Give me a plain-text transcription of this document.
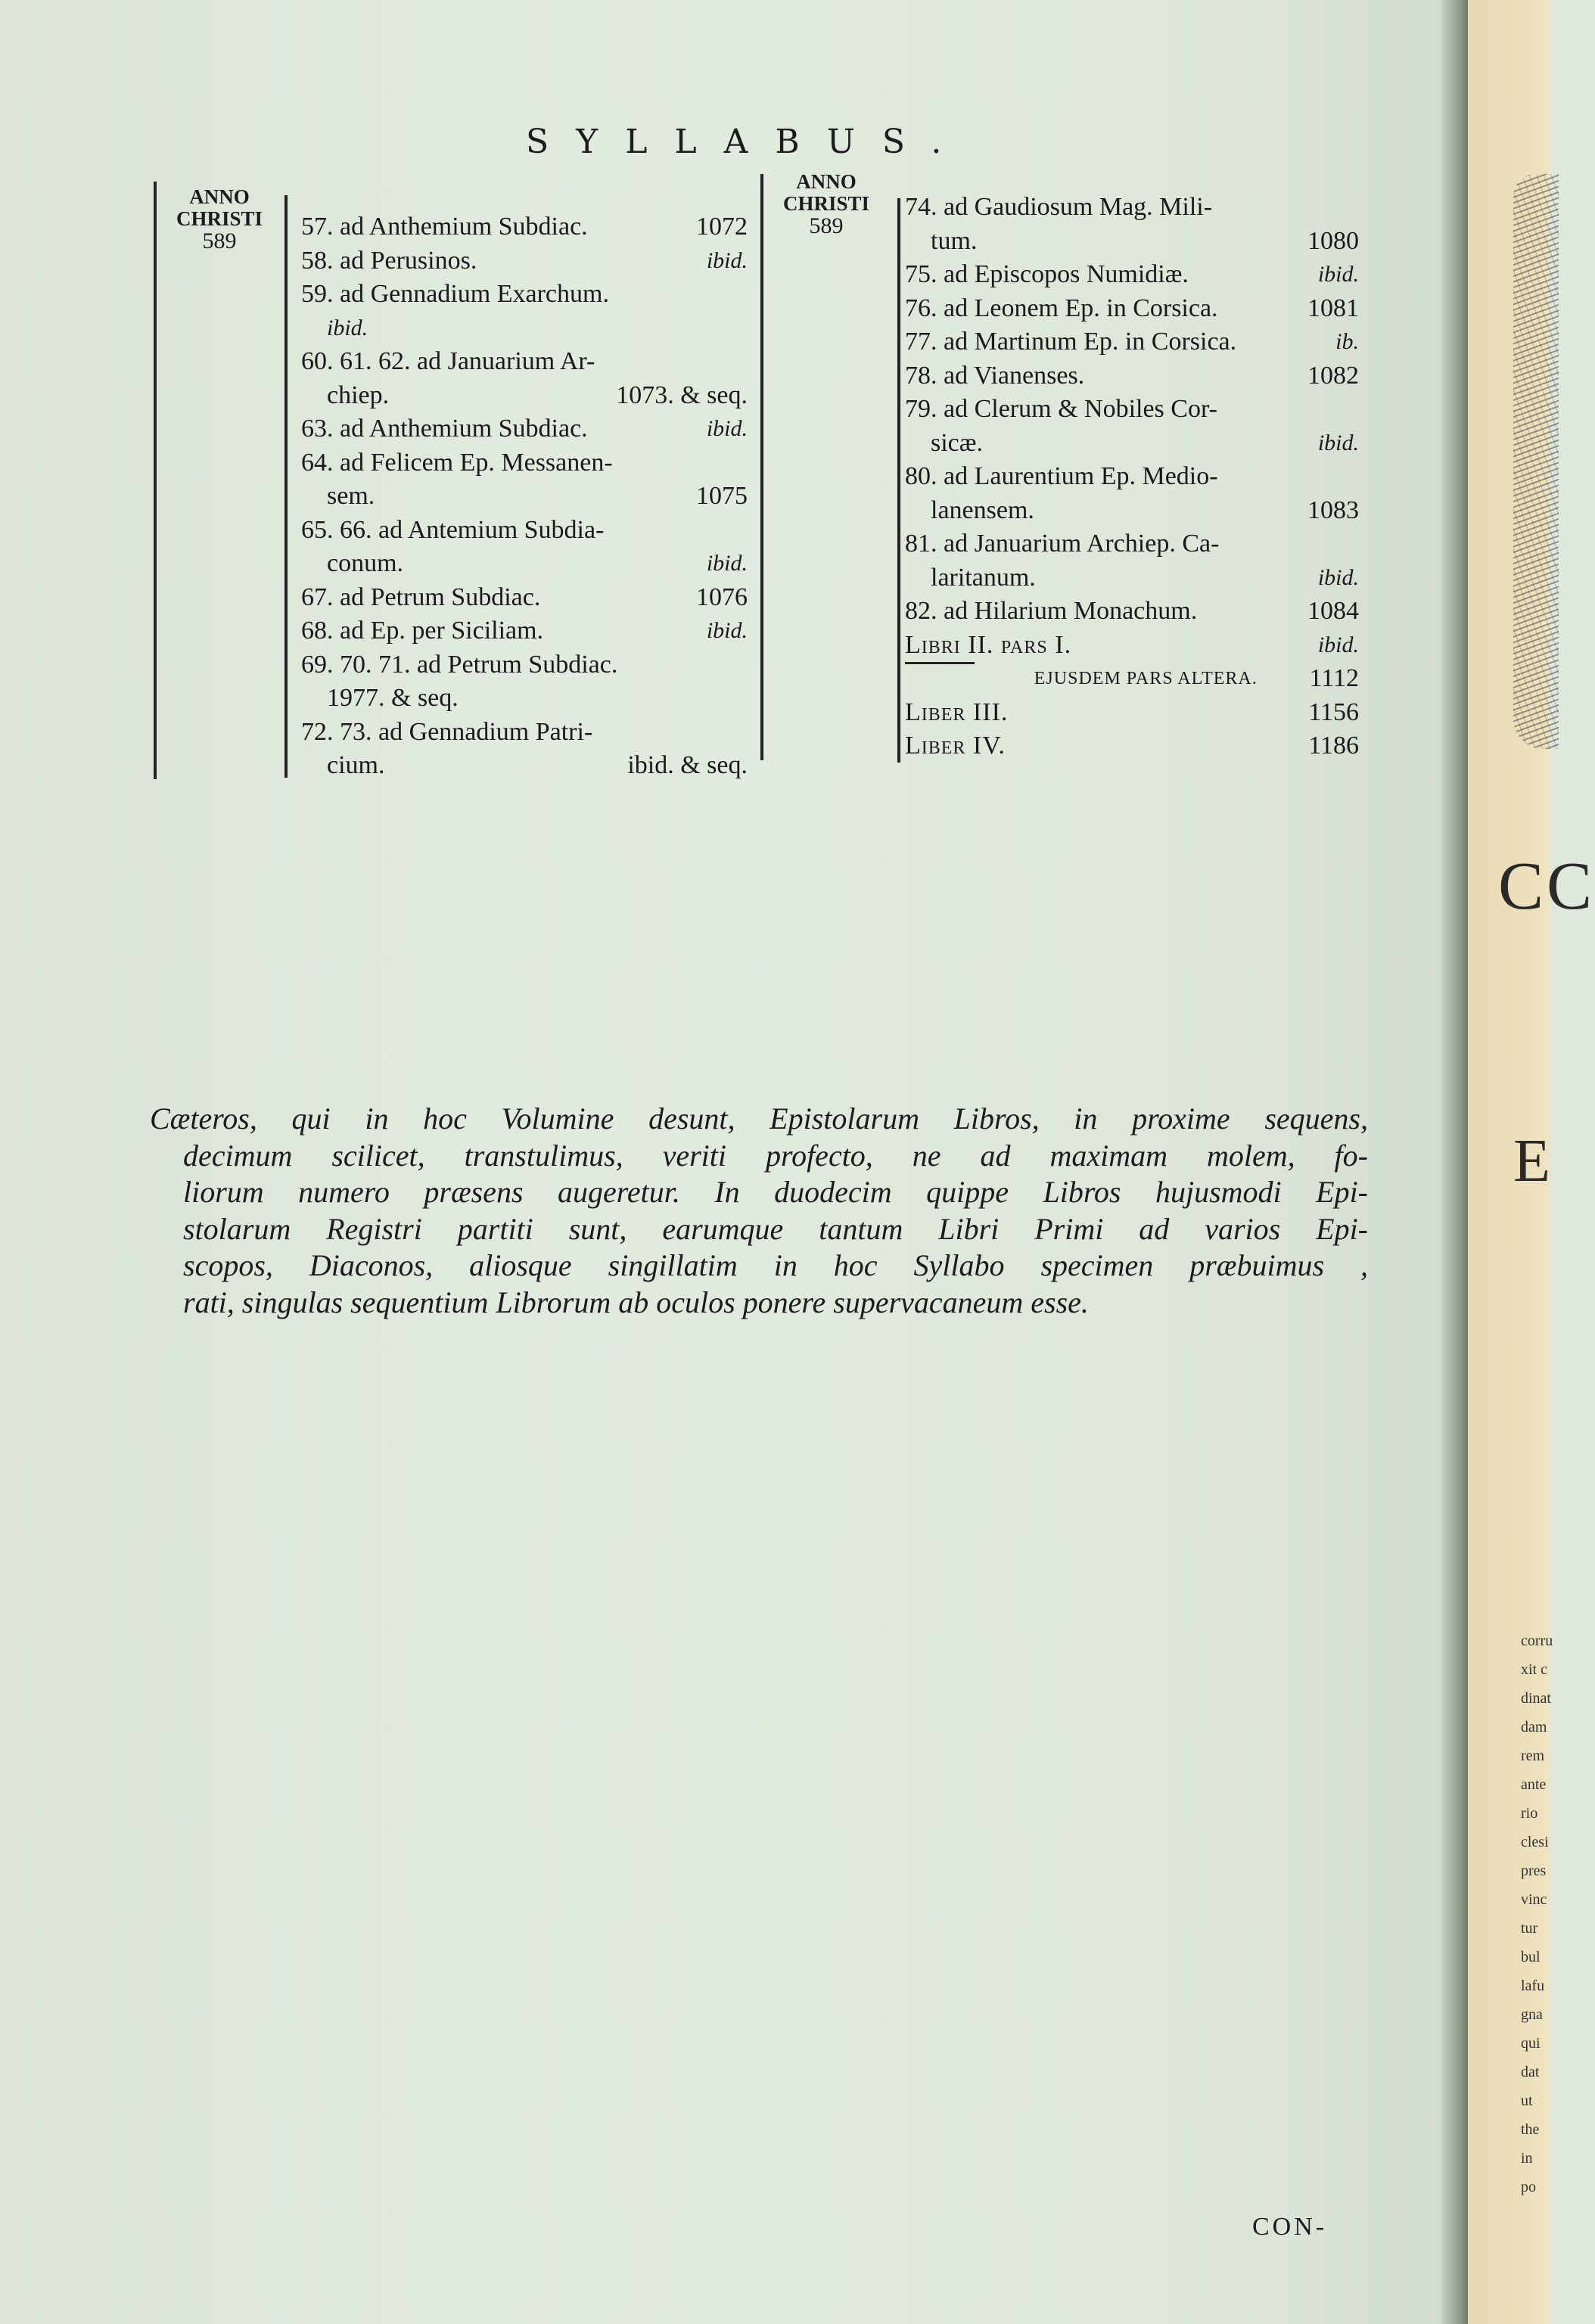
SYLLABUS.
ANNO
CHRISTI
589
ANNO
CHRISTI
589
57. ad Anthemium Subdiac.	1072
58. ad Perusinos.	ibid.
59. ad Gennadium Exarchum.
ibid.
60. 61. 62. ad Januarium Ar-
chiep.	1073. & seq.
63. ad Anthemium Subdiac.	ibid.
64. ad Felicem Ep. Messanen-
sem.	1075
65. 66. ad Antemium Subdia-
conum.	ibid.
67. ad Petrum Subdiac.	1076
68. ad Ep. per Siciliam.	ibid.
69. 70. 71. ad Petrum Subdiac.
1977. & seq.
72. 73. ad Gennadium Patri-
cium.	ibid. & seq.
74. ad Gaudiosum Mag. Mili-
tum.	1080
75. ad Episcopos Numidiæ.	ibid.
76. ad Leonem Ep. in Corsica.	1081
77. ad Martinum Ep. in Corsica.	ib.
78. ad Vianenses.	1082
79. ad Clerum & Nobiles Cor-
sicæ.	ibid.
80. ad Laurentium Ep. Medio-
lanensem.	1083
81. ad Januarium Archiep. Ca-
laritanum.	ibid.
82. ad Hilarium Monachum.	1084
Libri II. pars I.	ibid.
EJUSDEM PARS ALTERA. 1112
Liber III.	1156
Liber IV.	1186
Cæteros, qui in hoc Volumine desunt, Epistolarum Libros, in proxime sequens,
decimum scilicet, transtulimus, veriti profecto, ne ad maximam molem, fo-
liorum numero præsens augeretur. In duodecim quippe Libros hujusmodi Epi-
stolarum Registri partiti sunt, earumque tantum Libri Primi ad varios Epi-
scopos, Diaconos, aliosque singillatim in hoc Syllabo specimen præbuimus ,
rati, singulas sequentium Librorum ab oculos ponere supervacaneum esse.
CON-
CC
E
corru
xit c
dinat
dam
rem
ante
rio
clesi
pres
vinc
tur
bul
lafu
gna
qui
dat
ut
the
in
po
